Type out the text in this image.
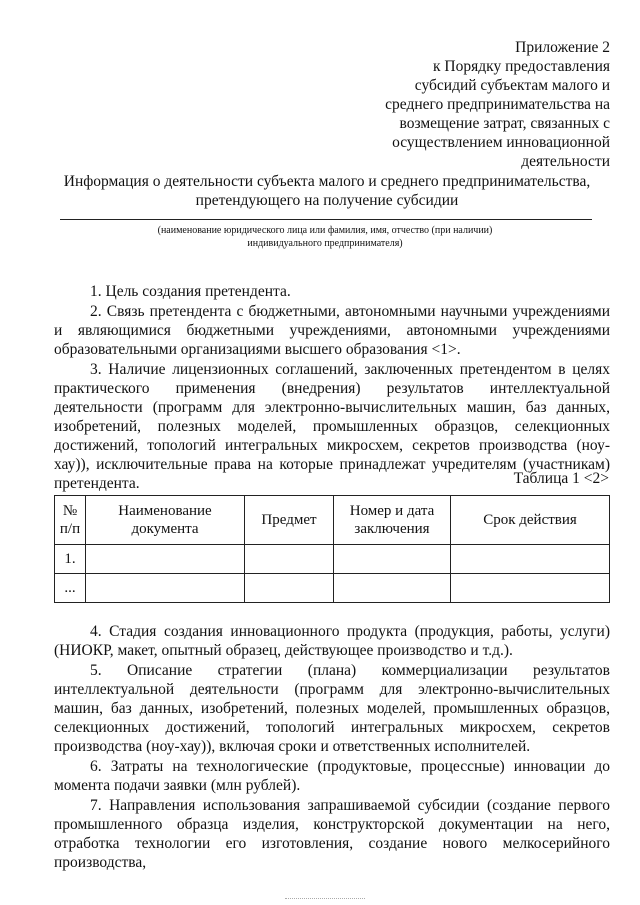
Приложение 2
к Порядку предоставления
субсидий субъектам малого и
среднего предпринимательства на
возмещение затрат, связанных с
осуществлением инновационной
деятельности
Информация о деятельности субъекта малого и среднего предпринимательства,
претендующего на получение субсидии
(наименование юридического лица или фамилия, имя, отчество (при наличии)
индивидуального предпринимателя)

1. Цель создания претендента.

2. Связь претендента с бюджетными, автономными научными учреждениями и являющимися бюджетными учреждениями, автономными учреждениями образовательными организациями высшего образования <1>.

3. Наличие лицензионных соглашений, заключенных претендентом в целях практического применения (внедрения) результатов интеллектуальной деятельности (программ для электронно-вычислительных машин, баз данных, изобретений, полезных моделей, промышленных образцов, селекционных достижений, топологий интегральных микросхем, секретов производства (ноу-хау)), исключительные права на которые принадлежат учредителям (участникам) претендента.	Таблица 1 <2>
№ п/п	Наименование документа	Предмет	Номер и дата заключения	Срок действия
1.				
...				

4. Стадия создания инновационного продукта (продукция, работы, услуги) (НИОКР, макет, опытный образец, действующее производство и т.д.).

5. Описание стратегии (плана) коммерциализации результатов интеллектуальной деятельности (программ для электронно-вычислительных машин, баз данных, изобретений, полезных моделей, промышленных образцов, селекционных достижений, топологий интегральных микросхем, секретов производства (ноу-хау)), включая сроки и ответственных исполнителей.

6. Затраты на технологические (продуктовые, процессные) инновации до момента подачи заявки (млн рублей).

7. Направления использования запрашиваемой субсидии (создание первого промышленного образца изделия, конструкторской документации на него, отработка технологии его изготовления, создание нового мелкосерийного производства,
